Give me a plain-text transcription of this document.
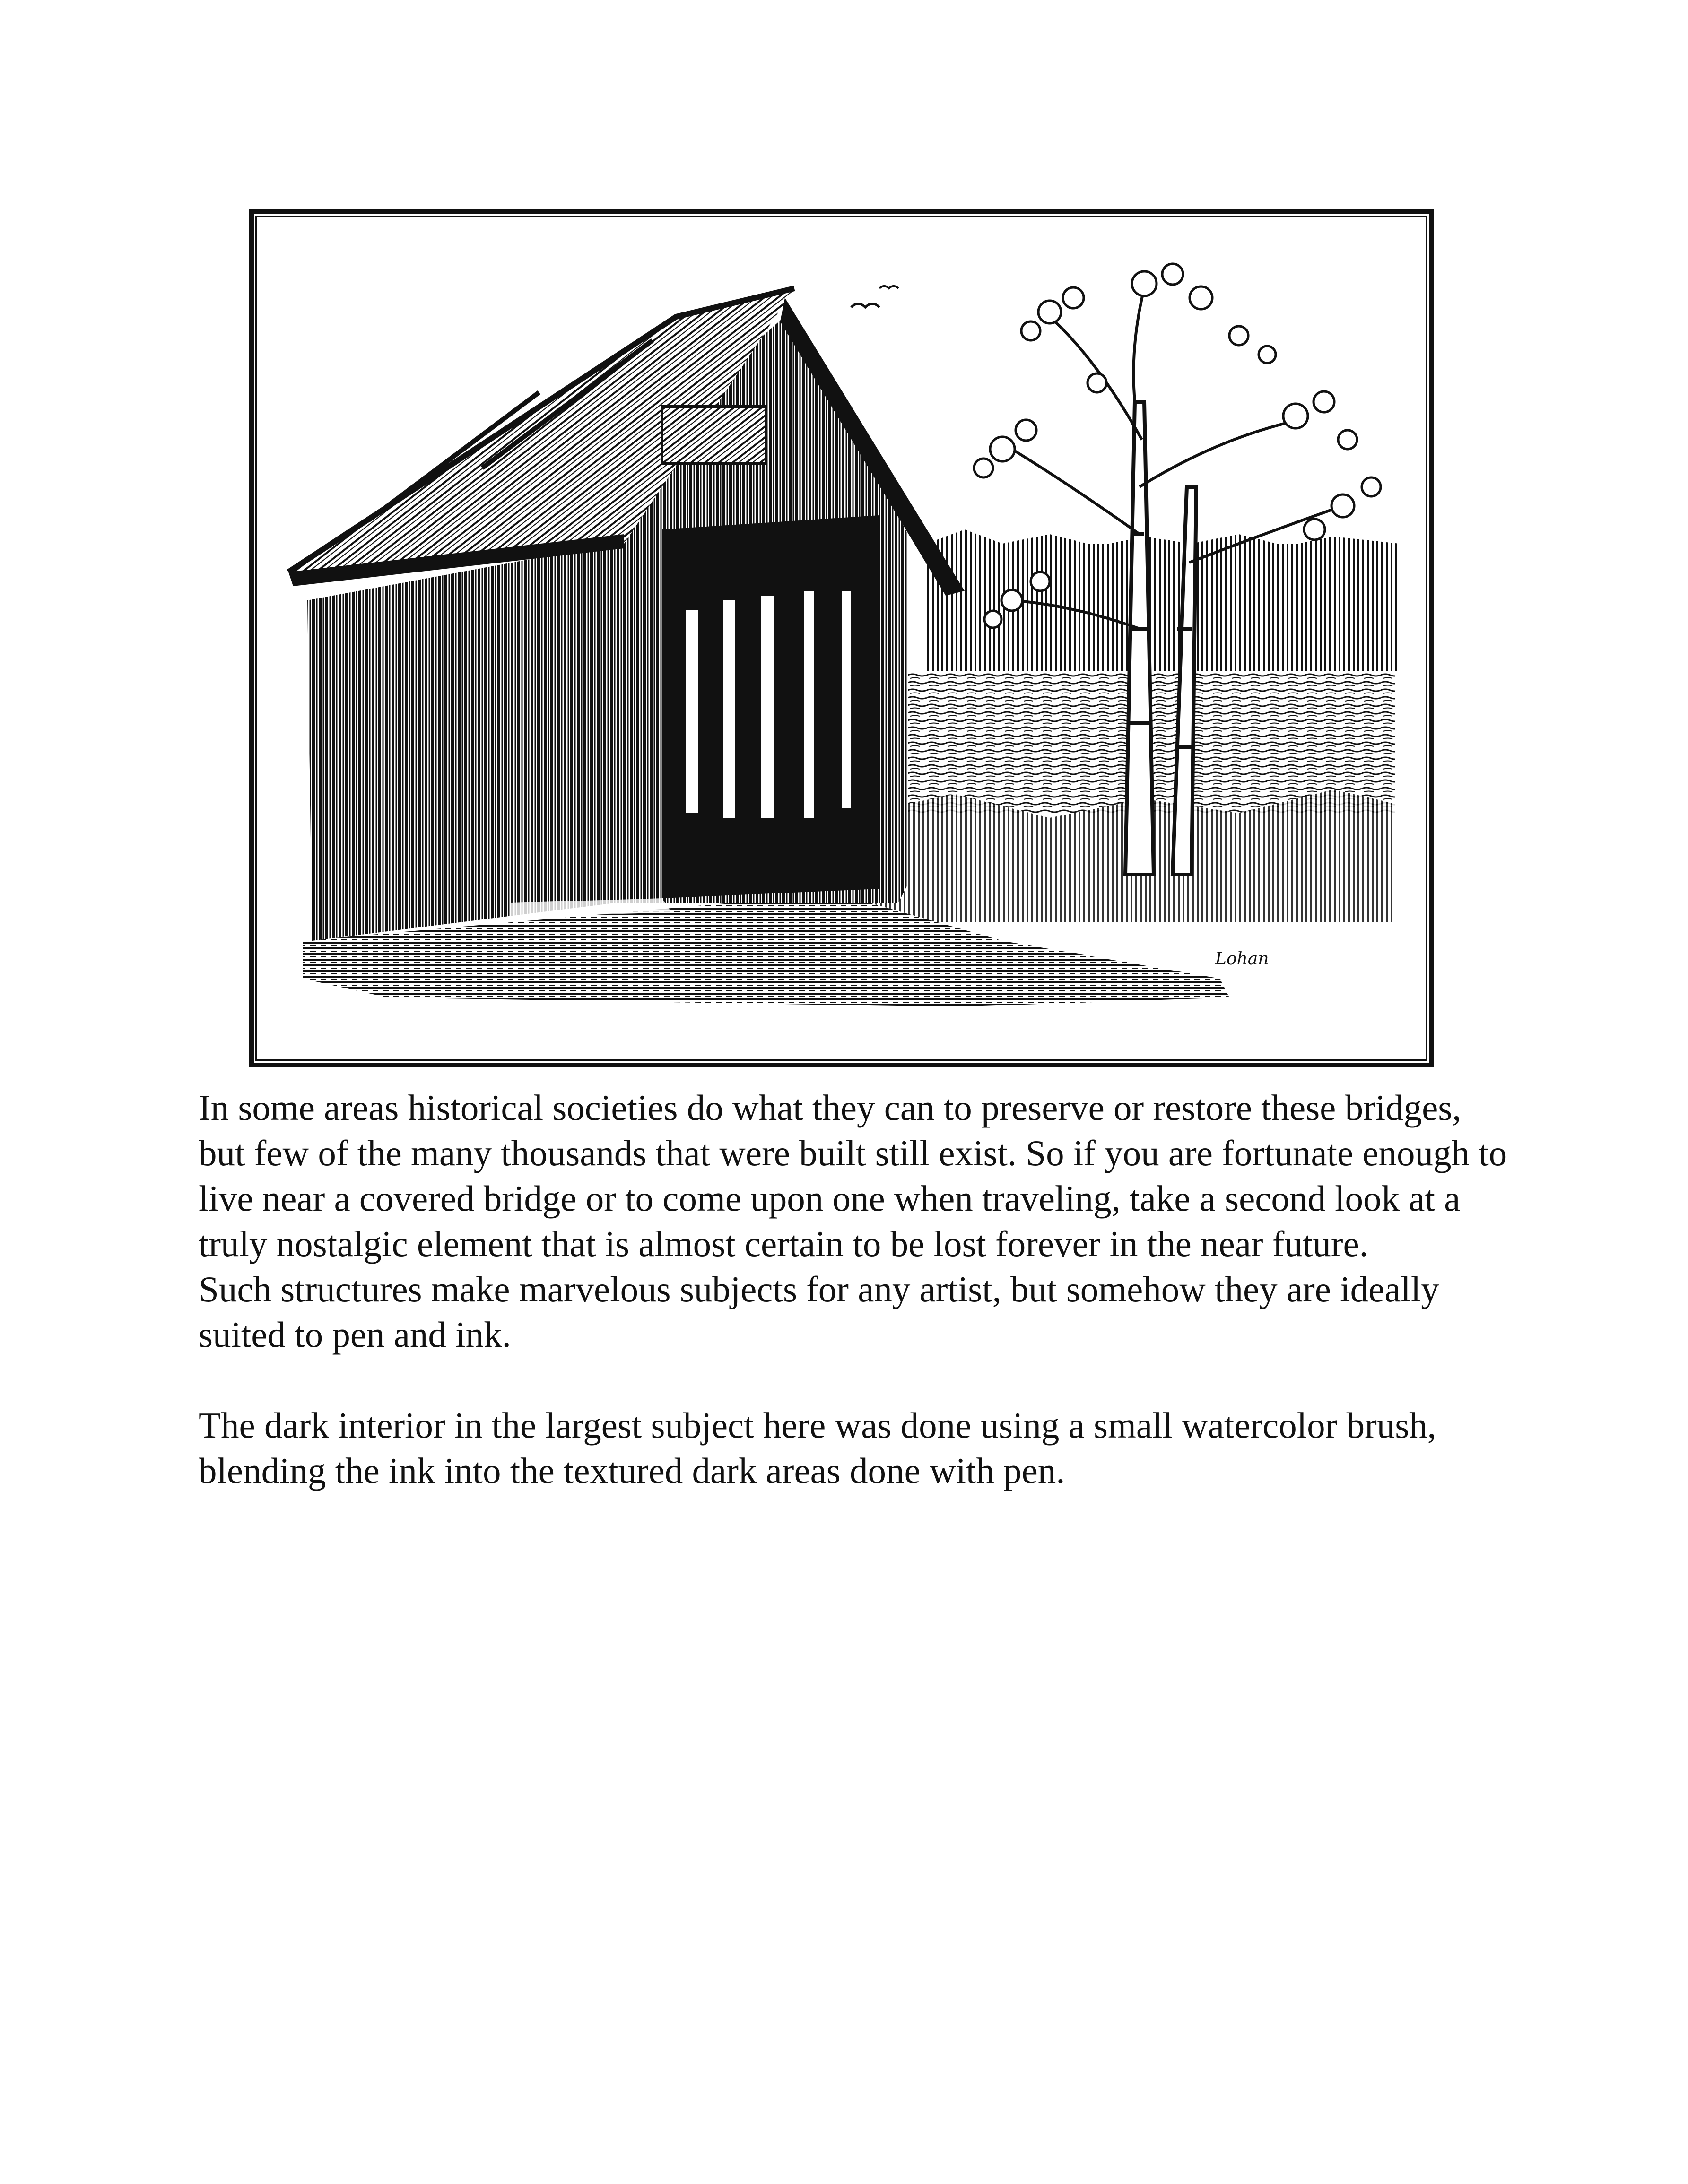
Lohan

In some areas historical societies do what they can to preserve or restore these bridges, but few of the many thousands that were built still exist. So if you are fortunate enough to live near a covered bridge or to come upon one when traveling, take a second look at a truly nostalgic element that is almost certain to be lost forever in the near future.

Such structures make marvelous subjects for any artist, but somehow they are ideally suited to pen and ink.

The dark interior in the largest subject here was done using a small watercolor brush, blending the ink into the textured dark areas done with pen.
